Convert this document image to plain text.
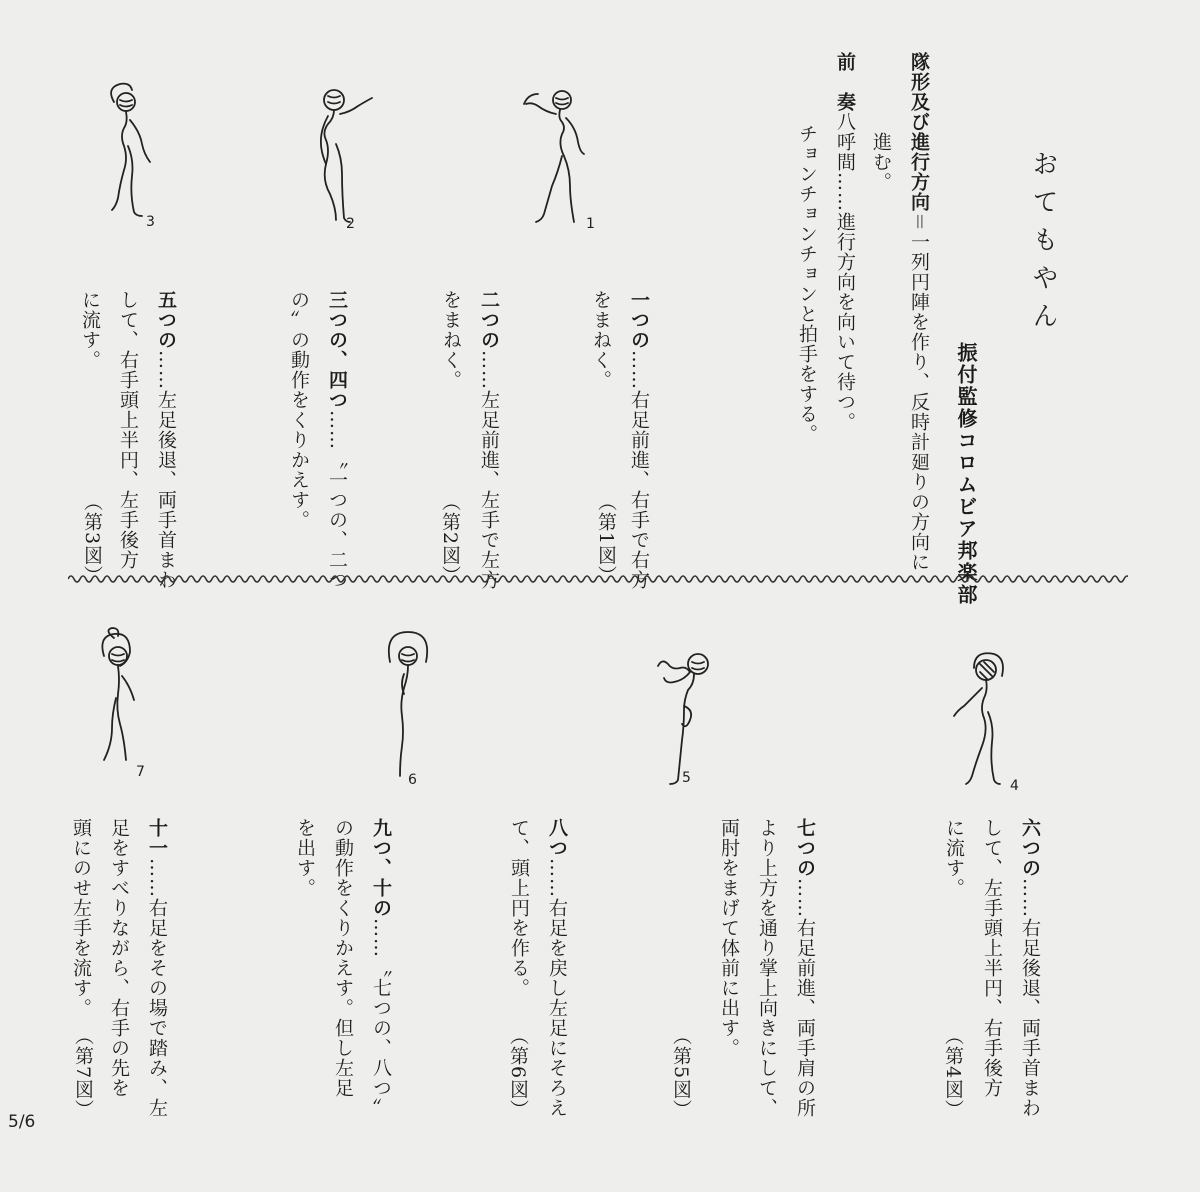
おてもやん
振付監修コロムビア邦楽部
隊形及び進行方向＝一列円陣を作り、反時計廻りの方向に
進む。
前　奏八呼間……進行方向を向いて待つ。
チョンチョンチョンと拍手をする。
一つの……右足前進、右手で右方
をまねく。
（第1図）
二つの……左足前進、左手で左方
をまねく。
（第2図）
三つの、四つ……〝一つの、二つ
の〟の動作をくりかえす。
五つの……左足後退、両手首まわ
して、右手頭上半円、左手後方
に流す。
（第3図）
六つの……右足後退、両手首まわ
して、左手頭上半円、右手後方
に流す。
（第4図）
七つの……右足前進、両手肩の所
より上方を通り掌上向きにして、
両肘をまげて体前に出す。
（第5図）
八つ……右足を戻し左足にそろえ
て、頭上円を作る。
（第6図）
九つ、十の……〝七つの、八つ〟
の動作をくりかえす。但し左足
を出す。
十一……右足をその場で踏み、左
足をすべりながら、右手の先を
頭にのせ左手を流す。
（第7図）
1
2
3
4
5
6
7
5/6
